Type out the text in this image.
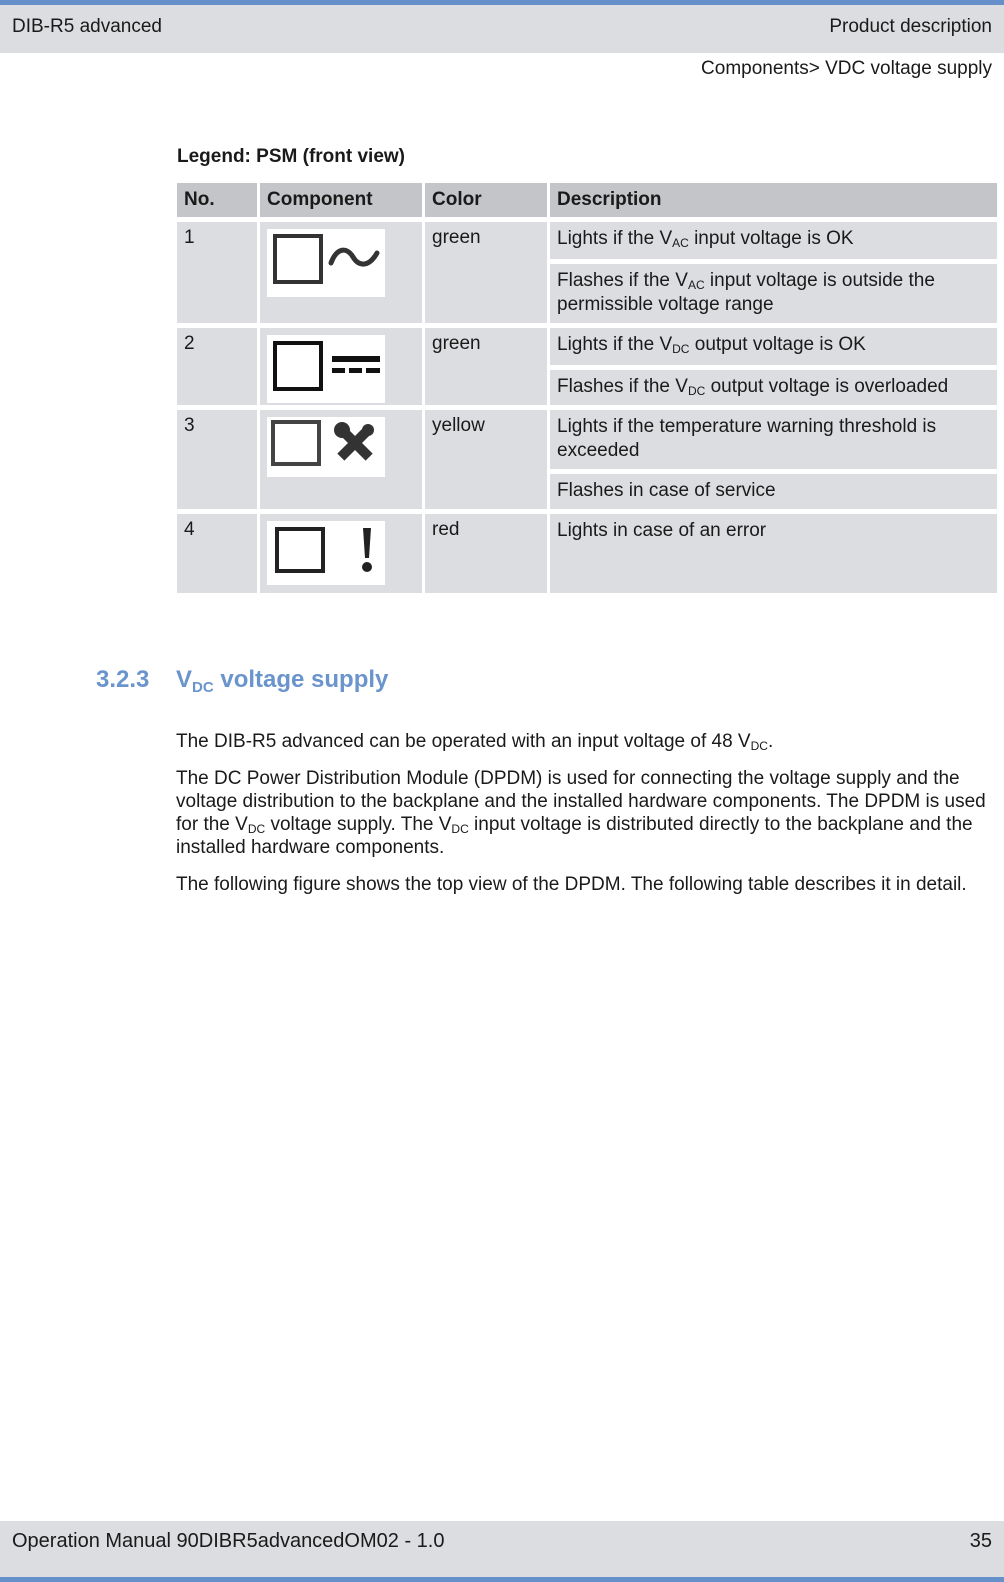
DIB-R5 advanced	Product description
Components> VDC voltage supply
Legend: PSM (front view)
No.	Component	Color	Description
1		green	Lights if the $V_{AC}$ input voltage is OK
			Flashes if the $V_{AC}$ input voltage is outside the permissible voltage range
2		green	Lights if the $V_{DC}$ output voltage is OK
			Flashes if the $V_{DC}$ output voltage is overloaded
3		yellow	Lights if the temperature warning threshold is exceeded
			Flashes in case of service
4		red	Lights in case of an error
3.2.3 $V_{DC}$ voltage supply
The DIB-R5 advanced can be operated with an input voltage of 48 $V_{DC}$.
The DC Power Distribution Module (DPDM) is used for connecting the voltage supply and the voltage distribution to the backplane and the installed hardware components. The DPDM is used for the $V_{DC}$ voltage supply. The $V_{DC}$ input voltage is distributed directly to the backplane and the installed hardware components.
The following figure shows the top view of the DPDM. The following table describes it in detail.
Operation Manual 90DIBR5advancedOM02 - 1.0	35
